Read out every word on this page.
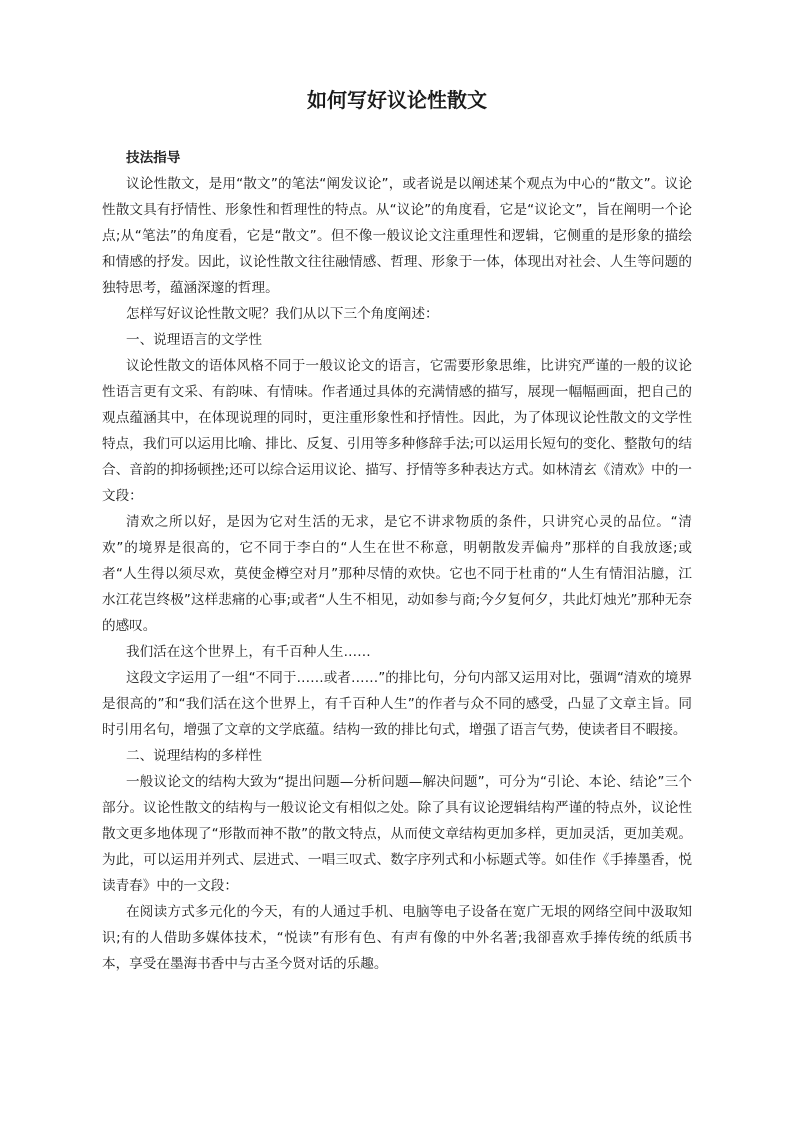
如何写好议论性散文

技法指导

议论性散文，是用“散文”的笔法“阐发议论”，或者说是以阐述某个观点为中心的“散文”。议论性散文具有抒情性、形象性和哲理性的特点。从“议论”的角度看，它是“议论文”，旨在阐明一个论点;从“笔法”的角度看，它是“散文”。但不像一般议论文注重理性和逻辑，它侧重的是形象的描绘和情感的抒发。因此，议论性散文往往融情感、哲理、形象于一体，体现出对社会、人生等问题的独特思考，蕴涵深邃的哲理。

怎样写好议论性散文呢？我们从以下三个角度阐述：

一、说理语言的文学性

议论性散文的语体风格不同于一般议论文的语言，它需要形象思维，比讲究严谨的一般的议论性语言更有文采、有韵味、有情味。作者通过具体的充满情感的描写，展现一幅幅画面，把自己的观点蕴涵其中，在体现说理的同时，更注重形象性和抒情性。因此，为了体现议论性散文的文学性特点，我们可以运用比喻、排比、反复、引用等多种修辞手法;可以运用长短句的变化、整散句的结合、音韵的抑扬顿挫;还可以综合运用议论、描写、抒情等多种表达方式。如林清玄《清欢》中的一文段：

清欢之所以好，是因为它对生活的无求，是它不讲求物质的条件，只讲究心灵的品位。“清欢”的境界是很高的，它不同于李白的“人生在世不称意，明朝散发弄偏舟”那样的自我放逐;或者“人生得以须尽欢，莫使金樽空对月”那种尽情的欢快。它也不同于杜甫的“人生有情泪沾臆，江水江花岂终极”这样悲痛的心事;或者“人生不相见，动如参与商;今夕复何夕，共此灯烛光”那种无奈的感叹。

我们活在这个世界上，有千百种人生……

这段文字运用了一组“不同于……或者……”的排比句，分句内部又运用对比，强调“清欢的境界是很高的”和“我们活在这个世界上，有千百种人生”的作者与众不同的感受，凸显了文章主旨。同时引用名句，增强了文章的文学底蕴。结构一致的排比句式，增强了语言气势，使读者目不暇接。

二、说理结构的多样性

一般议论文的结构大致为“提出问题—分析问题—解决问题”，可分为“引论、本论、结论”三个部分。议论性散文的结构与一般议论文有相似之处。除了具有议论逻辑结构严谨的特点外，议论性散文更多地体现了“形散而神不散”的散文特点，从而使文章结构更加多样，更加灵活，更加美观。为此，可以运用并列式、层进式、一唱三叹式、数字序列式和小标题式等。如佳作《手捧墨香，悦读青春》中的一文段：

在阅读方式多元化的今天，有的人通过手机、电脑等电子设备在宽广无垠的网络空间中汲取知识;有的人借助多媒体技术，“悦读”有形有色、有声有像的中外名著;我卻喜欢手捧传统的纸质书本，享受在墨海书香中与古圣今贤对话的乐趣。
